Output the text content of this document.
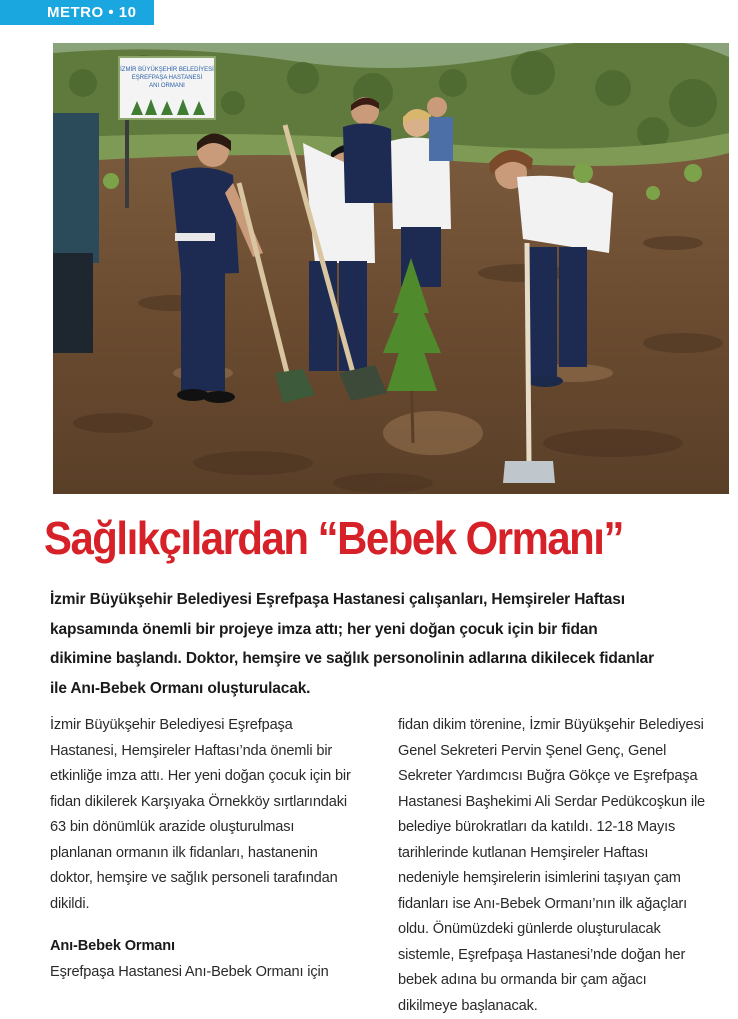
METRO • 10
İZMİR BÜYÜKŞEHİR BELEDİYESİ
EŞREFPAŞA HASTANESİ
ANI ORMANI
Sağlıkçılardan “Bebek Ormanı”
İzmir Büyükşehir Belediyesi Eşrefpaşa Hastanesi çalışanları, Hemşireler Haftası
kapsamında önemli bir projeye imza attı; her yeni doğan çocuk için bir fidan
dikimine başlandı. Doktor, hemşire ve sağlık personolinin adlarına dikilecek fidanlar
ile Anı-Bebek Ormanı oluşturulacak.

İzmir Büyükşehir Belediyesi Eşrefpaşa
Hastanesi, Hemşireler Haftası’nda önemli bir
etkinliğe imza attı. Her yeni doğan çocuk için bir
fidan dikilerek Karşıyaka Örnekköy sırtlarındaki
63 bin dönümlük arazide oluşturulması
planlanan ormanın ilk fidanları, hastanenin
doktor, hemşire ve sağlık personeli tarafından
dikildi.

Anı-Bebek Ormanı

Eşrefpaşa Hastanesi Anı-Bebek Ormanı için

fidan dikim törenine, İzmir Büyükşehir Belediyesi
Genel Sekreteri Pervin Şenel Genç, Genel
Sekreter Yardımcısı Buğra Gökçe ve Eşrefpaşa
Hastanesi Başhekimi Ali Serdar Pedükcoşkun ile
belediye bürokratları da katıldı. 12-18 Mayıs
tarihlerinde kutlanan Hemşireler Haftası
nedeniyle hemşirelerin isimlerini taşıyan çam
fidanları ise Anı-Bebek Ormanı’nın ilk ağaçları
oldu. Önümüzdeki günlerde oluşturulacak
sistemle, Eşrefpaşa Hastanesi’nde doğan her
bebek adına bu ormanda bir çam ağacı
dikilmeye başlanacak.
